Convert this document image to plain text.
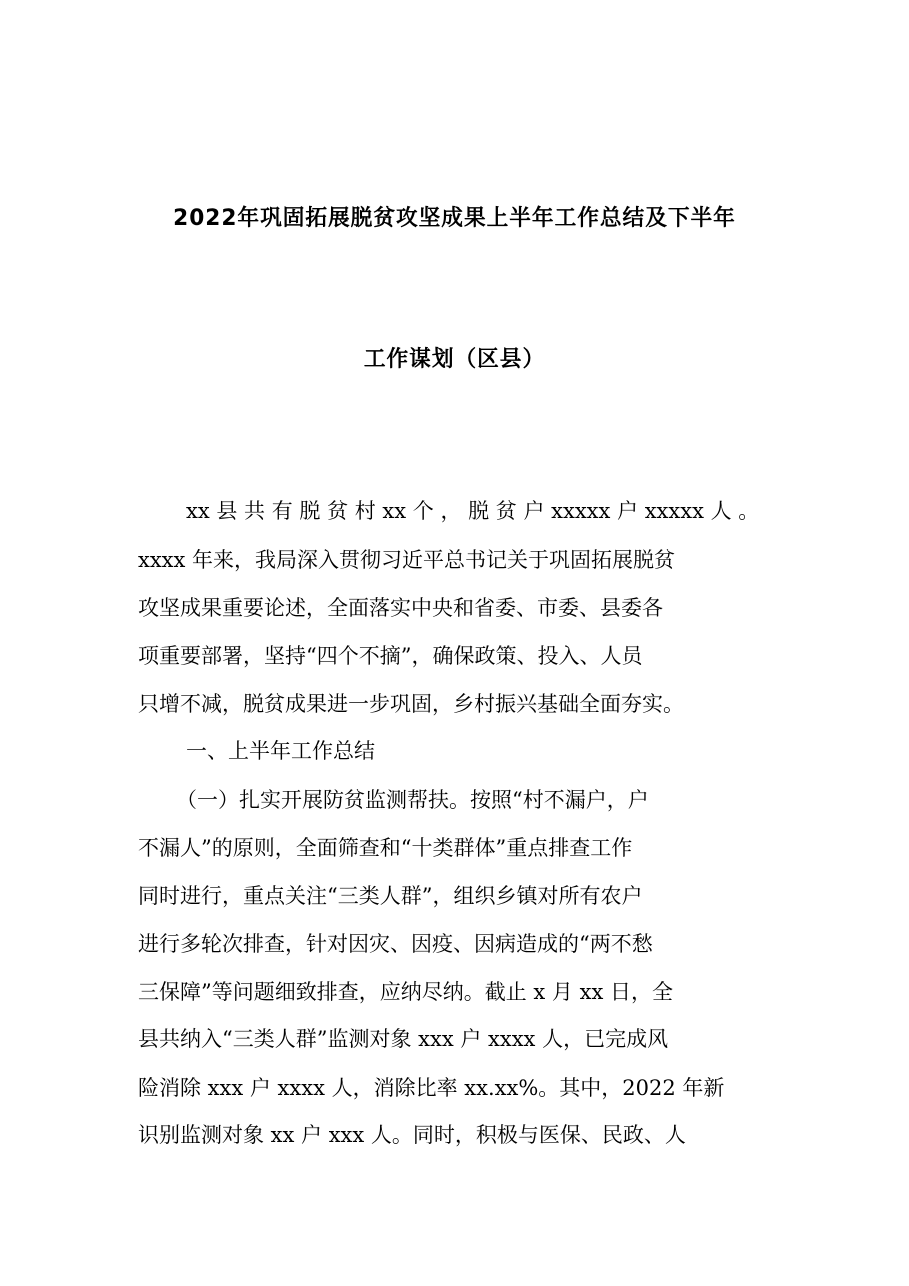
2022年巩固拓展脱贫攻坚成果上半年工作总结及下半年
工作谋划（区县）
xx 县 共 有 脱 贫 村 xx 个 ， 脱 贫 户 xxxxx 户 xxxxx 人 。
xxxx 年来，我局深入贯彻习近平总书记关于巩固拓展脱贫
攻坚成果重要论述，全面落实中央和省委、市委、县委各
项重要部署，坚持“四个不摘”，确保政策、投入、人员
只增不减，脱贫成果进一步巩固，乡村振兴基础全面夯实。
一、上半年工作总结
（一）扎实开展防贫监测帮扶。按照“村不漏户，户
不漏人”的原则，全面筛查和“十类群体”重点排查工作
同时进行，重点关注“三类人群”，组织乡镇对所有农户
进行多轮次排查，针对因灾、因疫、因病造成的“两不愁
三保障”等问题细致排查，应纳尽纳。截止 x 月 xx 日，全
县共纳入“三类人群”监测对象 xxx 户 xxxx 人，已完成风
险消除 xxx 户 xxxx 人，消除比率 xx.xx%。其中，2022 年新
识别监测对象 xx 户 xxx 人。同时，积极与医保、民政、人
